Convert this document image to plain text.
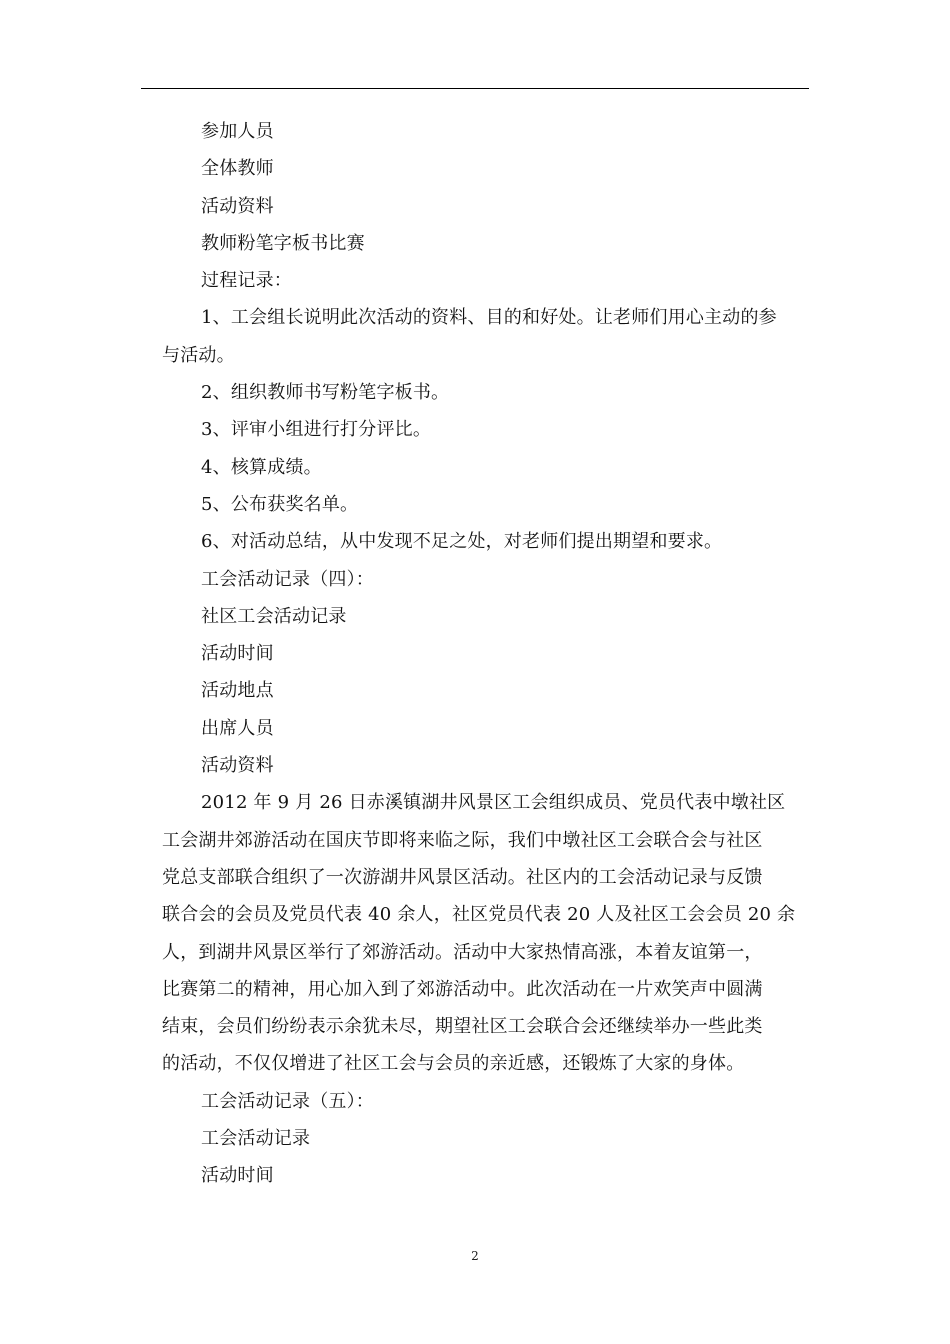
参加人员
全体教师
活动资料
教师粉笔字板书比赛
过程记录：
1、工会组长说明此次活动的资料、目的和好处。让老师们用心主动的参
与活动。
2、组织教师书写粉笔字板书。
3、评审小组进行打分评比。
4、核算成绩。
5、公布获奖名单。
6、对活动总结，从中发现不足之处，对老师们提出期望和要求。
工会活动记录（四）：
社区工会活动记录
活动时间
活动地点
出席人员
活动资料
2012 年 9 月 26 日赤溪镇湖井风景区工会组织成员、党员代表中墩社区
工会湖井郊游活动在国庆节即将来临之际，我们中墩社区工会联合会与社区
党总支部联合组织了一次游湖井风景区活动。社区内的工会活动记录与反馈
联合会的会员及党员代表 40 余人，社区党员代表 20 人及社区工会会员 20 余
人，到湖井风景区举行了郊游活动。活动中大家热情高涨，本着友谊第一，
比赛第二的精神，用心加入到了郊游活动中。此次活动在一片欢笑声中圆满
结束，会员们纷纷表示余犹未尽，期望社区工会联合会还继续举办一些此类
的活动，不仅仅增进了社区工会与会员的亲近感，还锻炼了大家的身体。
工会活动记录（五）：
工会活动记录
活动时间
2
